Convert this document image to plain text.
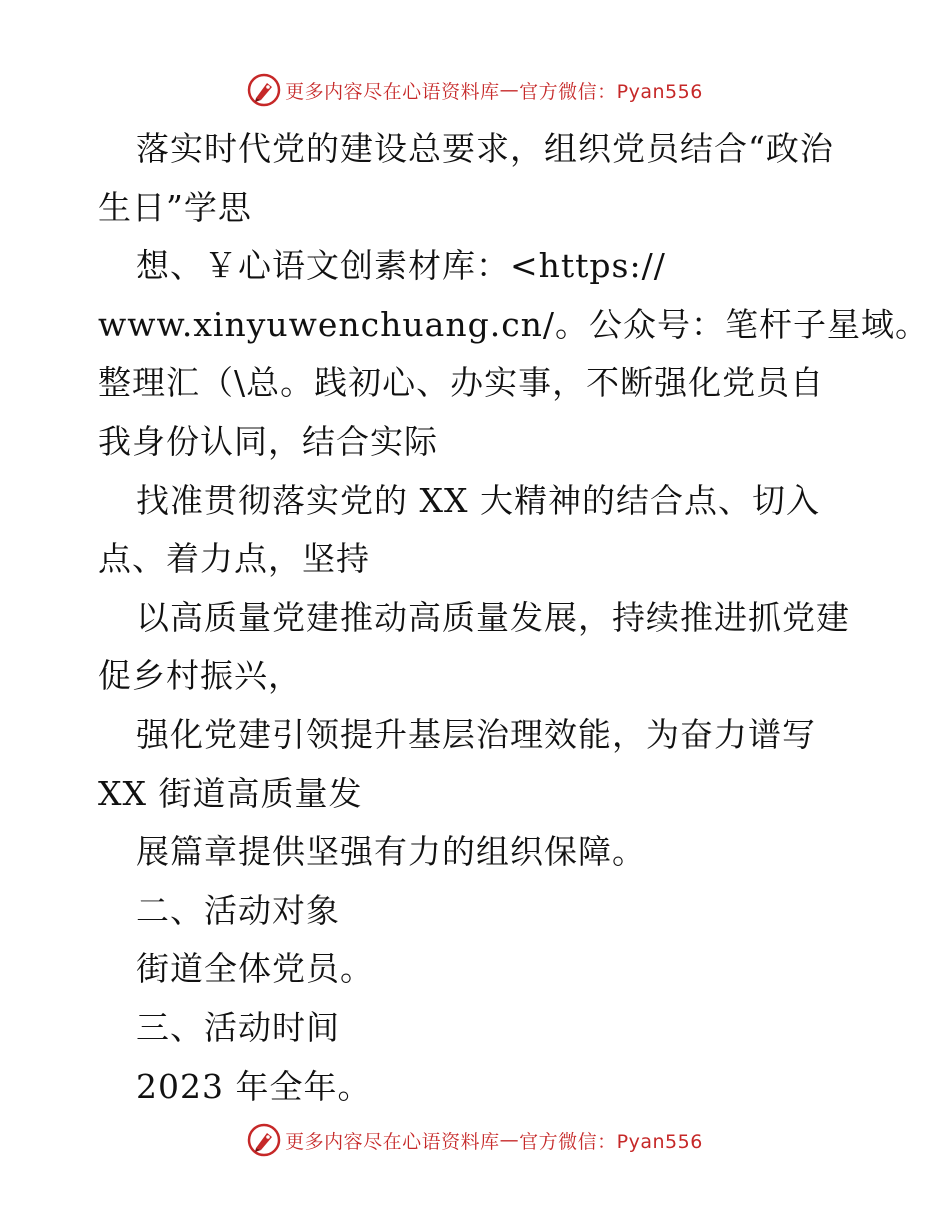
更多内容尽在心语资料库 — 官方微信：Pyan556
落实时代党的建设总要求，组织党员结合“政治
生日”学思
想、￥心语文创素材库：<https://
www.xinyuwenchuang.cn/。公众号：笔杆子星域。
整理汇（\总。践初心、办实事，不断强化党员自
我身份认同，结合实际
找准贯彻落实党的 XX 大精神的结合点、切入
点、着力点，坚持
以高质量党建推动高质量发展，持续推进抓党建
促乡村振兴，
强化党建引领提升基层治理效能，为奋力谱写
XX 街道高质量发
展篇章提供坚强有力的组织保障。
二、活动对象
街道全体党员。
三、活动时间
2023 年全年。
更多内容尽在心语资料库 — 官方微信：Pyan556
